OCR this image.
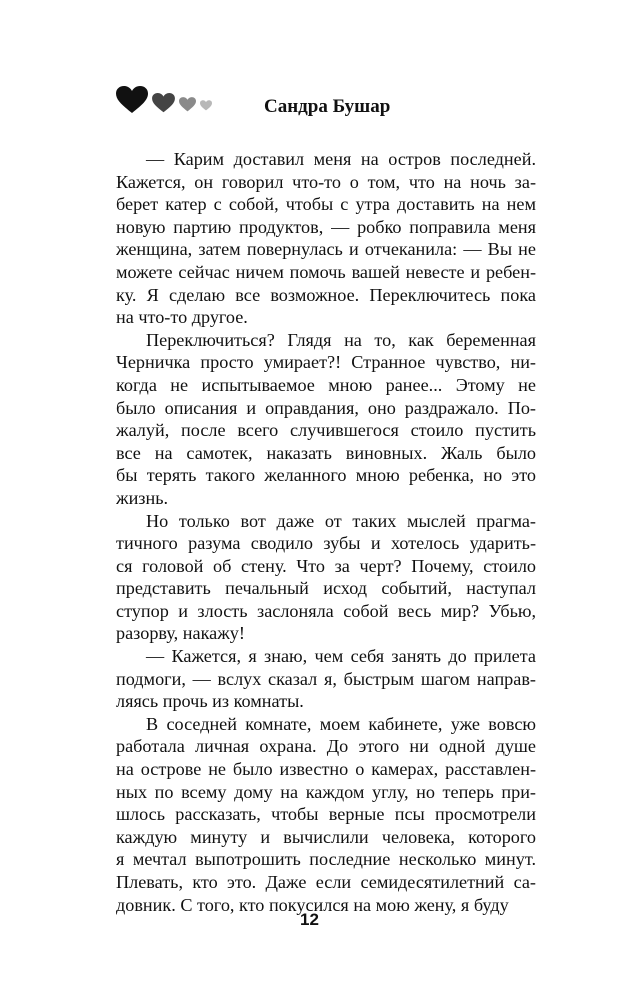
Сандра Бушар
— Карим доставил меня на остров последней.
Кажется, он говорил что-то о том, что на ночь за-
берет катер с собой, чтобы с утра доставить на нем
новую партию продуктов, — робко поправила меня
женщина, затем повернулась и отчеканила: — Вы не
можете сейчас ничем помочь вашей невесте и ребен-
ку. Я сделаю все возможное. Переключитесь пока
на что-то другое.
Переключиться? Глядя на то, как беременная
Черничка просто умирает?! Странное чувство, ни-
когда не испытываемое мною ранее... Этому не
было описания и оправдания, оно раздражало. По-
жалуй, после всего случившегося стоило пустить
все на самотек, наказать виновных. Жаль было
бы терять такого желанного мною ребенка, но это
жизнь.
Но только вот даже от таких мыслей прагма-
тичного разума сводило зубы и хотелось ударить-
ся головой об стену. Что за черт? Почему, стоило
представить печальный исход событий, наступал
ступор и злость заслоняла собой весь мир? Убью,
разорву, накажу!
— Кажется, я знаю, чем себя занять до прилета
подмоги, — вслух сказал я, быстрым шагом направ-
ляясь прочь из комнаты.
В соседней комнате, моем кабинете, уже вовсю
работала личная охрана. До этого ни одной душе
на острове не было известно о камерах, расставлен-
ных по всему дому на каждом углу, но теперь при-
шлось рассказать, чтобы верные псы просмотрели
каждую минуту и вычислили человека, которого
я мечтал выпотрошить последние несколько минут.
Плевать, кто это. Даже если семидесятилетний са-
довник. С того, кто покусился на мою жену, я буду
12
